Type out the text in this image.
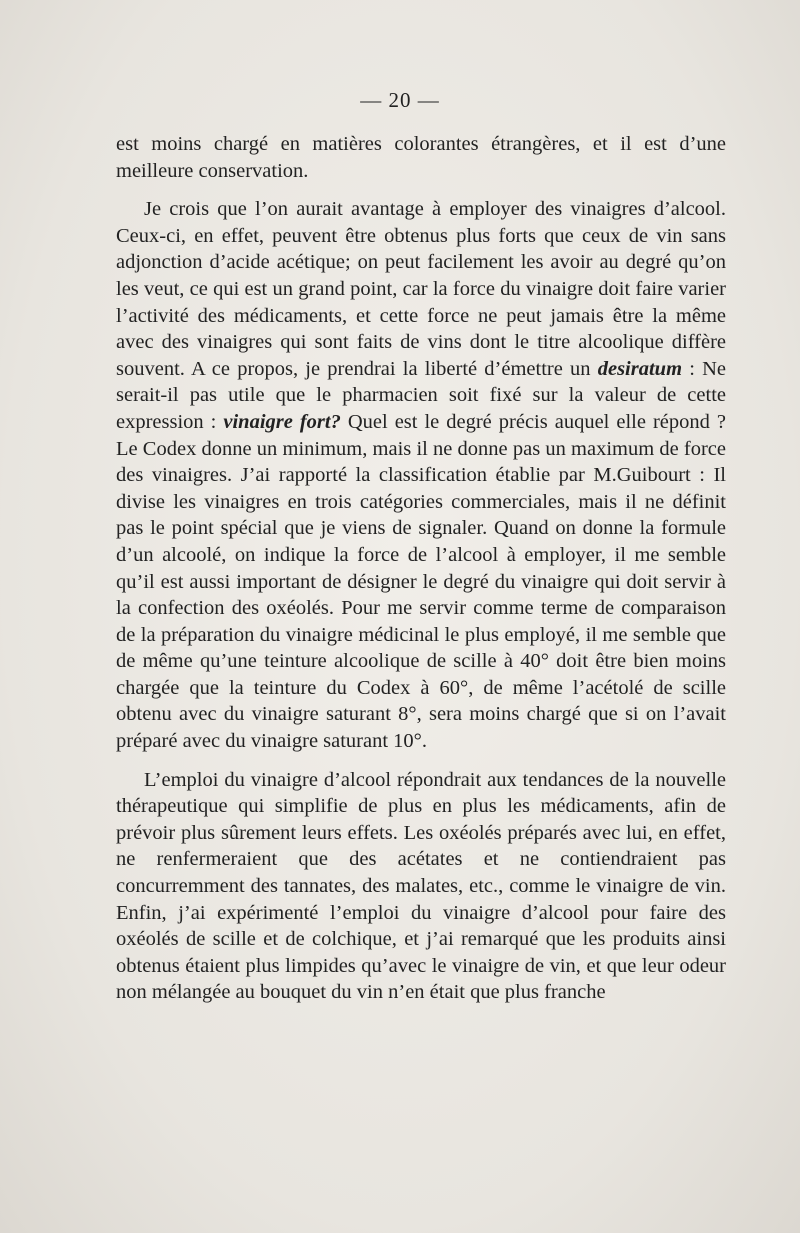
— 20 —

est moins chargé en matières colorantes étrangères, et il est d’une meilleure conservation.

Je crois que l’on aurait avantage à employer des vinaigres d’alcool. Ceux-ci, en effet, peuvent être obtenus plus forts que ceux de vin sans adjonction d’acide acétique; on peut facilement les avoir au degré qu’on les veut, ce qui est un grand point, car la force du vinaigre doit faire varier l’activité des médicaments, et cette force ne peut jamais être la même avec des vinaigres qui sont faits de vins dont le titre alcoolique diffère souvent. A ce propos, je prendrai la liberté d’émettre un desiratum : Ne serait-il pas utile que le pharmacien soit fixé sur la valeur de cette expression : vinaigre fort? Quel est le degré précis auquel elle répond ? Le Codex donne un minimum, mais il ne donne pas un maximum de force des vinaigres. J’ai rapporté la classification établie par M.Guibourt : Il divise les vinaigres en trois catégories commerciales, mais il ne définit pas le point spécial que je viens de signaler. Quand on donne la formule d’un alcoolé, on indique la force de l’alcool à employer, il me semble qu’il est aussi important de désigner le degré du vinaigre qui doit servir à la confection des oxéolés. Pour me servir comme terme de comparaison de la préparation du vinaigre médicinal le plus employé, il me semble que de même qu’une teinture alcoolique de scille à 40° doit être bien moins chargée que la teinture du Codex à 60°, de même l’acétolé de scille obtenu avec du vinaigre saturant 8°, sera moins chargé que si on l’avait préparé avec du vinaigre saturant 10°.

L’emploi du vinaigre d’alcool répondrait aux tendances de la nouvelle thérapeutique qui simplifie de plus en plus les médicaments, afin de prévoir plus sûrement leurs effets. Les oxéolés préparés avec lui, en effet, ne renfermeraient que des acétates et ne contiendraient pas concurremment des tannates, des malates, etc., comme le vinaigre de vin. Enfin, j’ai expérimenté l’emploi du vinaigre d’alcool pour faire des oxéolés de scille et de colchique, et j’ai remarqué que les produits ainsi obtenus étaient plus limpides qu’avec le vinaigre de vin, et que leur odeur non mélangée au bouquet du vin n’en était que plus franche
